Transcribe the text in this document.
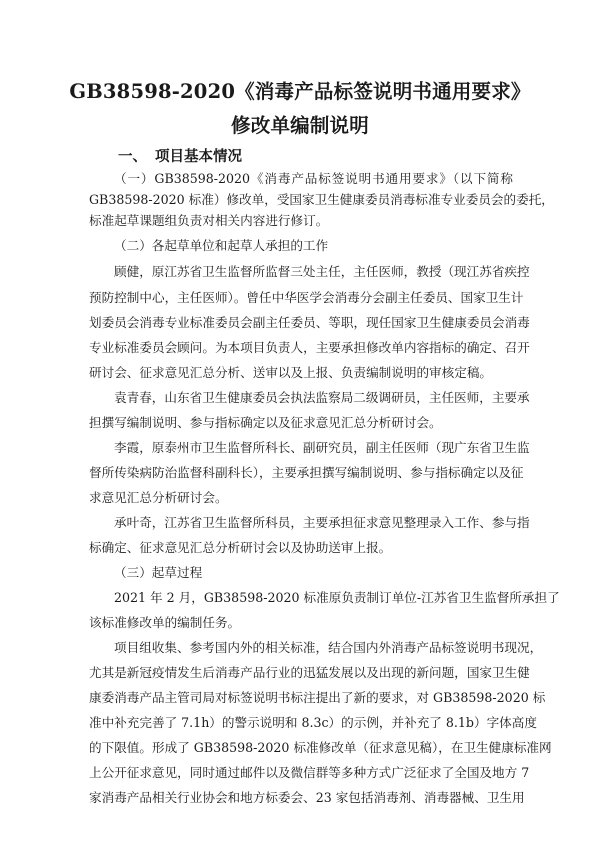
GB38598-2020《消毒产品标签说明书通用要求》
修改单编制说明
一、 项目基本情况
（一）GB38598-2020《消毒产品标签说明书通用要求》（以下简称
GB38598-2020 标准）修改单，受国家卫生健康委员消毒标准专业委员会的委托，
标准起草课题组负责对相关内容进行修订。
（二）各起草单位和起草人承担的工作
顾健，原江苏省卫生监督所监督三处主任，主任医师，教授（现江苏省疾控
预防控制中心，主任医师）。曾任中华医学会消毒分会副主任委员、国家卫生计
划委员会消毒专业标准委员会副主任委员、等职，现任国家卫生健康委员会消毒
专业标准委员会顾问。为本项目负责人，主要承担修改单内容指标的确定、召开
研讨会、征求意见汇总分析、送审以及上报、负责编制说明的审核定稿。
袁青春，山东省卫生健康委员会执法监察局二级调研员，主任医师，主要承
担撰写编制说明、参与指标确定以及征求意见汇总分析研讨会。
李霞，原泰州市卫生监督所科长、副研究员，副主任医师（现广东省卫生监
督所传染病防治监督科副科长），主要承担撰写编制说明、参与指标确定以及征
求意见汇总分析研讨会。
承叶奇，江苏省卫生监督所科员，主要承担征求意见整理录入工作、参与指
标确定、征求意见汇总分析研讨会以及协助送审上报。
（三）起草过程
2021 年 2 月，GB38598-2020 标准原负责制订单位-江苏省卫生监督所承担了
该标准修改单的编制任务。
项目组收集、参考国内外的相关标准，结合国内外消毒产品标签说明书现况，
尤其是新冠疫情发生后消毒产品行业的迅猛发展以及出现的新问题，国家卫生健
康委消毒产品主管司局对标签说明书标注提出了新的要求，对 GB38598-2020 标
准中补充完善了 7.1h）的警示说明和 8.3c）的示例，并补充了 8.1b）字体高度
的下限值。形成了 GB38598-2020 标准修改单（征求意见稿），在卫生健康标准网
上公开征求意见，同时通过邮件以及微信群等多种方式广泛征求了全国及地方 7
家消毒产品相关行业协会和地方标委会、23 家包括消毒剂、消毒器械、卫生用
